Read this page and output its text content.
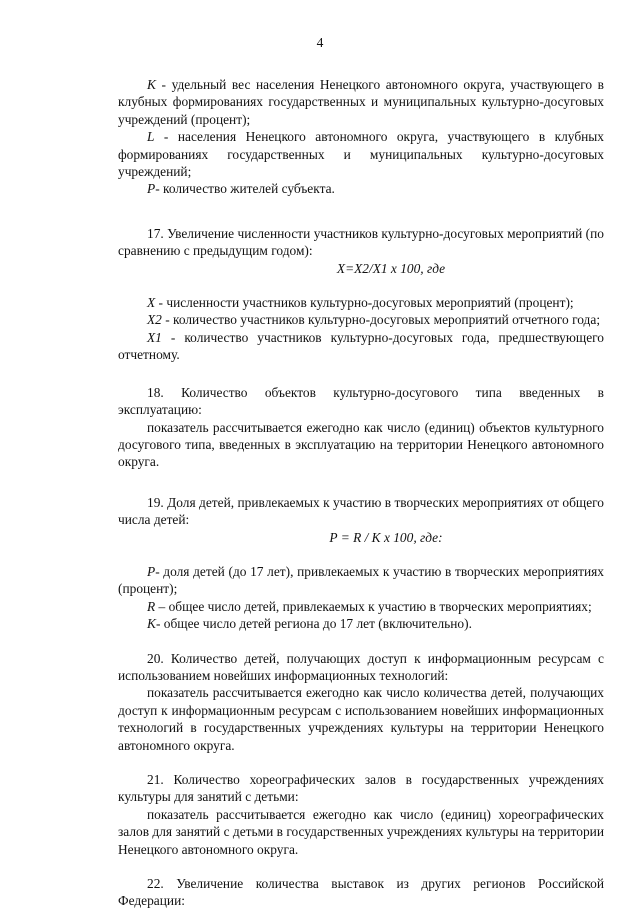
4

K - удельный вес населения Ненецкого автономного округа, участвующего в клубных формированиях государственных и муниципальных культурно-досуговых учреждений (процент);

L - населения Ненецкого автономного округа, участвующего в клубных формированиях государственных и муниципальных культурно-досуговых учреждений;

P- количество жителей субъекта.

17. Увеличение численности участников культурно-досуговых мероприятий (по сравнению с предыдущим годом):

X=X2/X1 x 100, где

X - численности участников культурно-досуговых мероприятий (процент);

X2 - количество участников культурно-досуговых мероприятий отчетного года;

X1 - количество участников культурно-досуговых года, предшествующего отчетному.

18. Количество объектов культурно-досугового типа введенных в эксплуатацию:

показатель рассчитывается ежегодно как число (единиц) объектов культурного досугового типа, введенных в эксплуатацию на территории Ненецкого автономного округа.

19. Доля детей, привлекаемых к участию в творческих мероприятиях от общего числа детей:

P = R / K x 100, где:

P- доля детей (до 17 лет), привлекаемых к участию в творческих мероприятиях (процент);

R – общее число детей, привлекаемых к участию в творческих мероприятиях;

K- общее число детей региона до 17 лет (включительно).

20. Количество детей, получающих доступ к информационным ресурсам с использованием новейших информационных технологий:

показатель рассчитывается ежегодно как число количества детей, получающих доступ к информационным ресурсам с использованием новейших информационных технологий в государственных учреждениях культуры на территории Ненецкого автономного округа.

21. Количество хореографических залов в государственных учреждениях культуры для занятий с детьми:

показатель рассчитывается ежегодно как число (единиц) хореографических залов для занятий с детьми в государственных учреждениях культуры на территории Ненецкого автономного округа.

22. Увеличение количества выставок из других регионов Российской Федерации:
